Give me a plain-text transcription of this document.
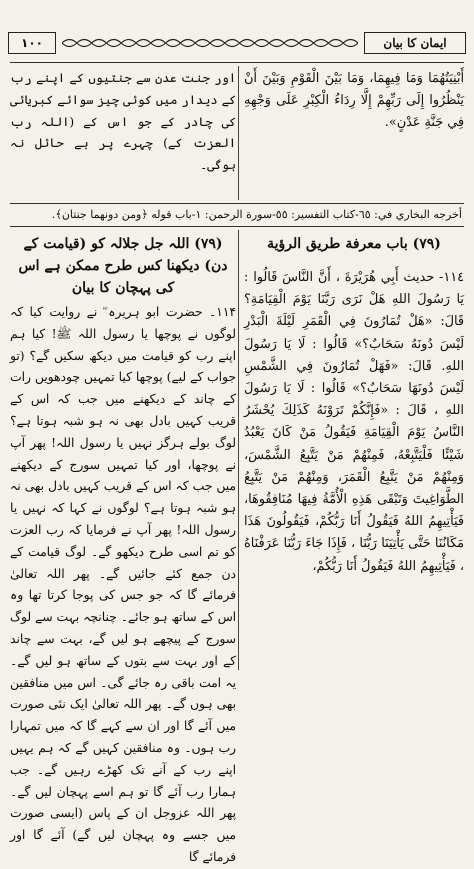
١٠٠	ایمان کا بیان

اور جنت عدن سے جنتیوں کے اپنے رب کے دیدار میں کوئی چیز سوائے کبریائی کی چادر کے جو اس کے (اللہ رب العزت کے) چہرے پر ہے حائل نہ ہوگی۔

أَبْنِيَتُهُمَا وَمَا فِيهِمَا، وَمَا بَيْنَ الْقَوْمِ وَبَيْنَ أَنْ يَنْظُرُوا إِلَى رَبِّهِمْ إِلَّا رِدَاءُ الْكِبْرِ عَلَى وَجْهِهِ فِي جَنَّةِ عَدْنٍ».

أخرجه البخاري في: ٦٥-كتاب التفسير: ٥٥-سورة الرحمن: ١-باب قوله ﴿ومن دونهما جنتان﴾.

(٧٩) اللہ جل جلالہ کو (قیامت کے دن) دیکھنا کس طرح ممکن ہے اس کی پہچان کا بیان

۱۱۴۔ حضرت ابو ہریرہ ؓ نے روایت کیا کہ لوگوں نے پوچھا یا رسول اللہ ﷺ! کیا ہم اپنے رب کو قیامت میں دیکھ سکیں گے؟ (تو جواب کے لیے) پوچھا کیا تمہیں چودھویں رات کے چاند کے دیکھنے میں جب کہ اس کے قریب کہیں بادل بھی نہ ہو شبہ ہوتا ہے؟ لوگ بولے ہرگز نہیں یا رسول اللہ! پھر آپ نے پوچھا، اور کیا تمہیں سورج کے دیکھنے میں جب کہ اس کے قریب کہیں بادل بھی نہ ہو شبہ ہوتا ہے؟ لوگوں نے کہا کہ نہیں یا رسول اللہ! پھر آپ نے فرمایا کہ رب العزت کو تم اسی طرح دیکھو گے۔ لوگ قیامت کے دن جمع کئے جائیں گے۔ پھر اللہ تعالیٰ فرمائے گا کہ جو جس کی پوجا کرتا تھا وہ اس کے ساتھ ہو جائے۔ چنانچہ بہت سے لوگ سورج کے پیچھے ہو لیں گے، بہت سے چاند کے اور بہت سے بتوں کے ساتھ ہو لیں گے۔ یہ امت باقی رہ جائے گی۔ اس میں منافقین بھی ہوں گے۔ پھر اللہ تعالیٰ ایک نئی صورت میں آئے گا اور ان سے کہے گا کہ میں تمہارا رب ہوں۔ وہ منافقین کہیں گے کہ ہم یہیں اپنے رب کے آنے تک کھڑے رہیں گے۔ جب ہمارا رب آئے گا تو ہم اسے پہچان لیں گے۔ پھر اللہ عزوجل ان کے پاس (ایسی صورت میں جسے وہ پہچان لیں گے) آئے گا اور فرمائے گا

(٧٩) باب معرفة طريق الرؤية

١١٤- حديث أَبِي هُرَيْرَةَ ، أَنَّ النَّاسَ قَالُوا : يَا رَسُولَ اللهِ هَلْ نَرَى رَبَّنَا يَوْمَ الْقِيَامَةِ؟ قَالَ: «هَلْ تُمَارُونَ فِي الْقَمَرِ لَيْلَةَ الْبَدْرِ لَيْسَ دُونَهُ سَحَابٌ؟» قَالُوا : لَا يَا رَسُولَ اللهِ. قَالَ: «فَهَلْ تُمَارُونَ فِي الشَّمْسِ لَيْسَ دُونَهَا سَحَابٌ؟» قَالُوا : لَا يَا رَسُولَ اللهِ ، قَالَ : «فَإِنَّكُمْ تَرَوْنَهُ كَذَلِكَ يُحْشَرُ النَّاسُ يَوْمَ الْقِيَامَةِ فَيَقُولُ مَنْ كَانَ يَعْبُدُ شَيْئًا فَلْيَتَّبِعْهُ، فَمِنْهُمْ مَنْ يَتَّبِعُ الشَّمْسَ، وَمِنْهُمْ مَنْ يَتَّبِعُ الْقَمَرَ، وَمِنْهُمْ مَنْ يَتَّبِعُ الطَّوَاغِيتَ وَتَبْقَى هَذِهِ الْأُمَّةُ فِيهَا مُنَافِقُوهَا، فَيَأْتِيهِمُ اللهُ فَيَقُولُ أَنَا رَبُّكُمْ، فَيَقُولُونَ هَذَا مَكَانُنَا حَتَّى يَأْتِيَنَا رَبُّنَا ، فَإِذَا جَاءَ رَبُّنَا عَرَفْنَاهُ ، فَيَأْتِيهِمُ اللهُ فَيَقُولُ أَنَا رَبُّكُمْ،
